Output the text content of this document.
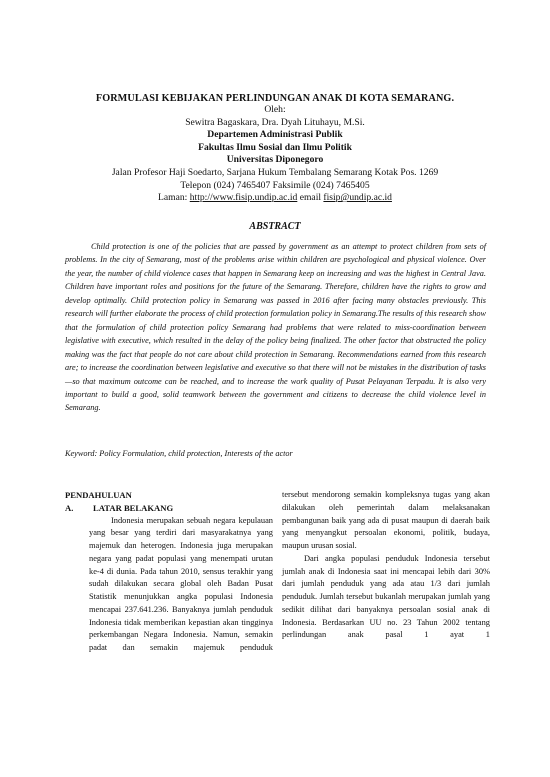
FORMULASI KEBIJAKAN PERLINDUNGAN ANAK DI KOTA SEMARANG.
Oleh:
Sewitra Bagaskara, Dra. Dyah Lituhayu, M.Si.
Departemen Administrasi Publik
Fakultas Ilmu Sosial dan Ilmu Politik
Universitas Diponegoro
Jalan Profesor Haji Soedarto, Sarjana Hukum Tembalang Semarang Kotak Pos. 1269
Telepon (024) 7465407 Faksimile (024) 7465405
Laman: http://www.fisip.undip.ac.id email fisip@undip.ac.id
ABSTRACT

Child protection is one of the policies that are passed by government as an attempt to protect children from sets of problems. In the city of Semarang, most of the problems arise within children are psychological and physical violence. Over the year, the number of child violence cases that happen in Semarang keep on increasing and was the highest in Central Java. Children have important roles and positions for the future of the Semarang. Therefore, children have the rights to grow and develop optimally. Child protection policy in Semarang was passed in 2016 after facing many obstacles previously. This research will further elaborate the process of child protection formulation policy in Semarang.The results of this research show that the formulation of child protection policy Semarang had problems that were related to miss-coordination between legislative with executive, which resulted in the delay of the policy being finalized. The other factor that obstructed the policy making was the fact that people do not care about child protection in Semarang. Recommendations earned from this research are; to increase the coordination between legislative and executive so that there will not be mistakes in the distribution of tasks—so that maximum outcome can be reached, and to increase the work quality of Pusat Pelayanan Terpadu. It is also very important to build a good, solid teamwork between the government and citizens to decrease the child violence level in Semarang.

Keyword: Policy Formulation, child protection, Interests of the actor
PENDAHULUAN
A. LATAR BELAKANG

Indonesia merupakan sebuah negara kepulauan yang besar yang terdiri dari masyarakatnya yang majemuk dan heterogen. Indonesia juga merupakan negara yang padat populasi yang menempati urutan ke-4 di dunia. Pada tahun 2010, sensus terakhir yang sudah dilakukan secara global oleh Badan Pusat Statistik menunjukkan angka populasi Indonesia mencapai 237.641.236. Banyaknya jumlah penduduk Indonesia tidak memberikan kepastian akan tingginya perkembangan Negara Indonesia. Namun, semakin padat dan semakin majemuk penduduk

tersebut mendorong semakin kompleksnya tugas yang akan dilakukan oleh pemerintah dalam melaksanakan pembangunan baik yang ada di pusat maupun di daerah baik yang menyangkut persoalan ekonomi, politik, budaya, maupun urusan sosial.

Dari angka populasi penduduk Indonesia tersebut jumlah anak di Indonesia saat ini mencapai lebih dari 30% dari jumlah penduduk yang ada atau 1/3 dari jumlah penduduk. Jumlah tersebut bukanlah merupakan jumlah yang sedikit dilihat dari banyaknya persoalan sosial anak di Indonesia. Berdasarkan UU no. 23 Tahun 2002 tentang perlindungan anak pasal 1 ayat 1
